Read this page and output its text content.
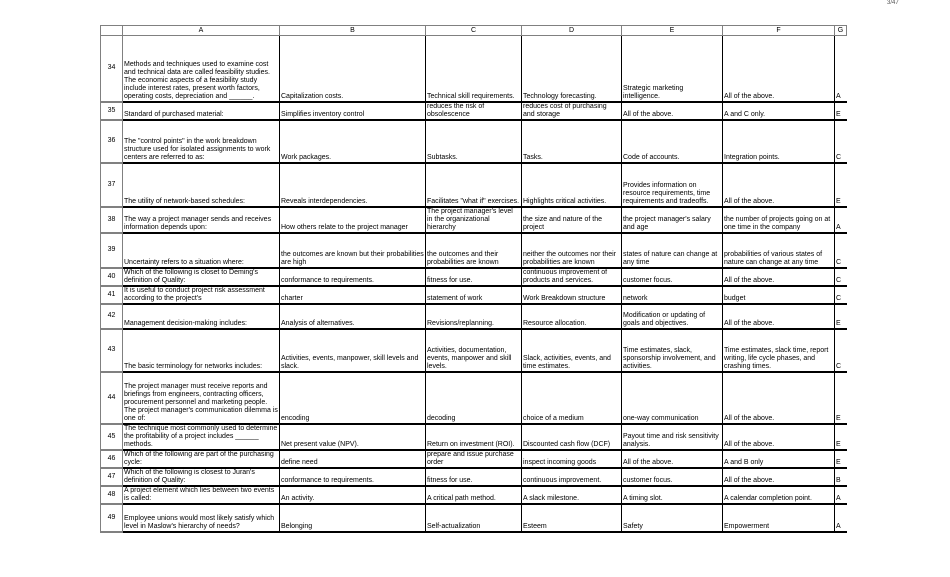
3/47
	A	B	C	D	E	F	G
34	Methods and techniques used to examine cost and technical data are called feasibility studies. The economic aspects of a feasibility study include interest rates, present worth factors, operating costs, depreciation and ______.	Capitalization costs.	Technical skill requirements.	Technology forecasting.	Strategic marketing intelligence.	All of the above.	A
35	Standard of purchased material:	Simplifies inventory control	reduces the risk of obsolescence	reduces cost of purchasing and storage	All of the above.	A and C only.	E
36	The "control points" in the work breakdown structure used for isolated assignments to work centers are referred to as:	Work packages.	Subtasks.	Tasks.	Code of accounts.	Integration points.	C
37	The utility of network-based schedules:	Reveals interdependencies.	Facilitates "what if" exercises.	Highlights critical activities.	Provides information on resource requirements, time requirements and tradeoffs.	All of the above.	E
38	The way a project manager sends and receives information depends upon:	How others relate to the project manager	The project manager's level in the organizational hierarchy	the size and nature of the project	the project manager's salary and age	the number of projects going on at one time in the company	A
39	Uncertainty refers to a situation where:	the outcomes are known but their probabilities are high	the outcomes and their probabilities are known	neither the outcomes nor their probabilities are known	states of nature can change at any time	probabilities of various states of nature can change at any time	C
40	Which of the following is closet to Deming's definition of Quality:	conformance to requirements.	fitness for use.	continuous improvement of products and services.	customer focus.	All of the above.	C
41	It is useful to conduct project risk assessment according to the project's	charter	statement of work	Work Breakdown structure	network	budget	C
42	Management decision-making includes:	Analysis of alternatives.	Revisions/replanning.	Resource allocation.	Modification or updating of goals and objectives.	All of the above.	E
43	The basic terminology for networks includes:	Activities, events, manpower, skill levels and slack.	Activities, documentation, events, manpower and skill levels.	Slack, activities, events, and time estimates.	Time estimates, slack, sponsorship involvement, and activities.	Time estimates, slack time, report writing, life cycle phases, and crashing times.	C
44	The project manager must receive reports and briefings from engineers, contracting officers, procurement personnel and marketing people. The project manager's communication dilemma is one of:	encoding	decoding	choice of a medium	one-way communication	All of the above.	E
45	The technique most commonly used to determine the profitability of a project includes ______ methods.	Net present value (NPV).	Return on investment (ROI).	Discounted cash flow (DCF)	Payout time and risk sensitivity analysis.	All of the above.	E
46	Which of the following are part of the purchasing cycle:	define need	prepare and issue purchase order	inspect incoming goods	All of the above.	A and B only	E
47	Which of the following is closest to Juran's definition of Quality:	conformance to requirements.	fitness for use.	continuous improvement.	customer focus.	All of the above.	B
48	A project element which lies between two events is called:	An activity.	A critical path method.	A slack milestone.	A timing slot.	A calendar completion point.	A
49	Employee unions would most likely satisfy which level in Maslow's hierarchy of needs?	Belonging	Self-actualization	Esteem	Safety	Empowerment	A
